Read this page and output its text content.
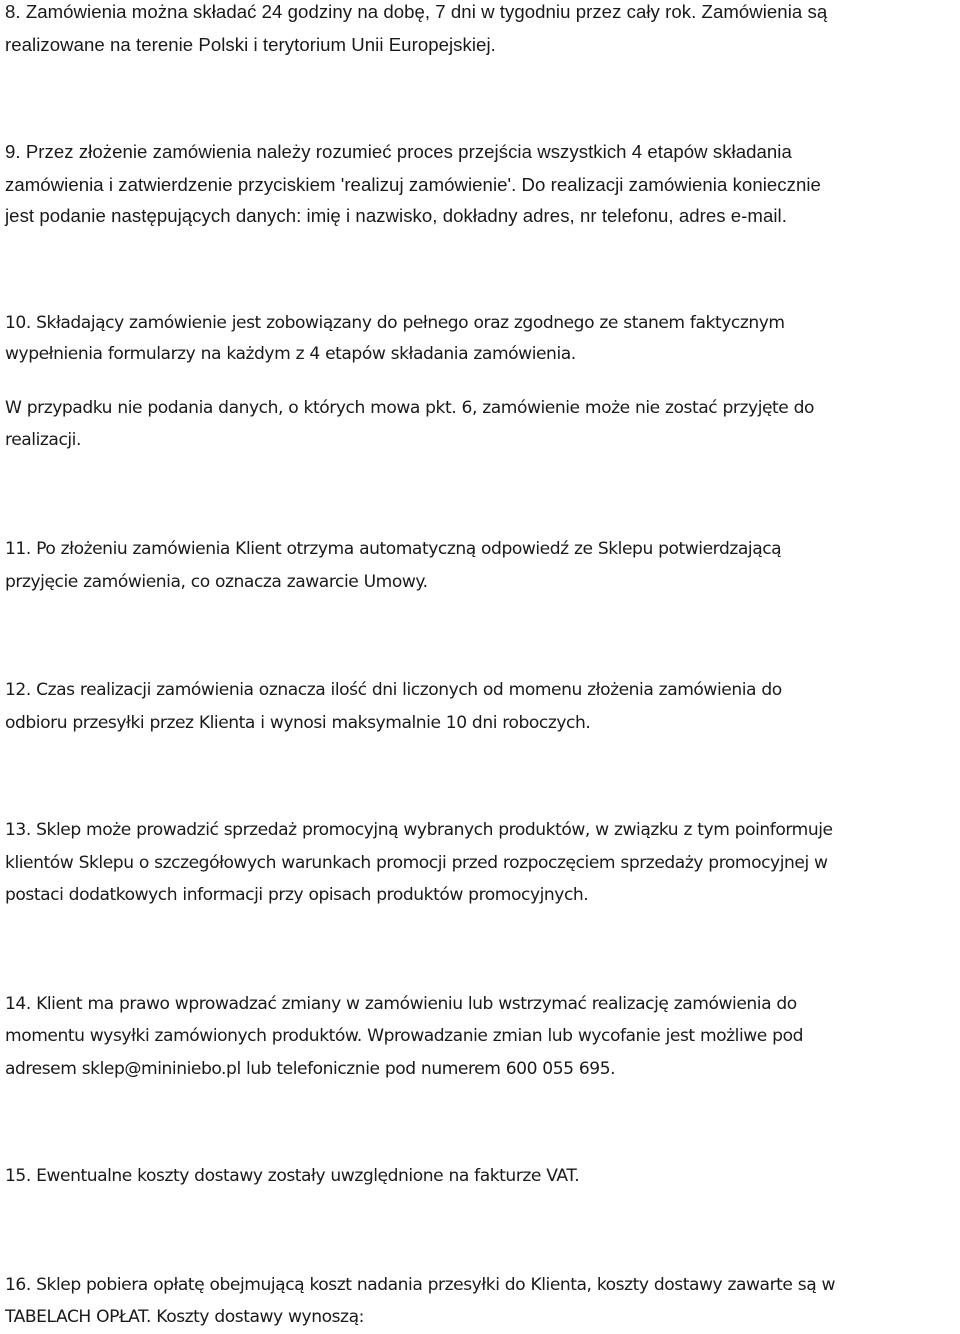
8. Zamówienia można składać 24 godziny na dobę, 7 dni w tygodniu przez cały rok. Zamówienia są
realizowane na terenie Polski i terytorium Unii Europejskiej.
9. Przez złożenie zamówienia należy rozumieć proces przejścia wszystkich 4 etapów składania
zamówienia i zatwierdzenie przyciskiem 'realizuj zamówienie'. Do realizacji zamówienia koniecznie
jest podanie następujących danych: imię i nazwisko, dokładny adres, nr telefonu, adres e-mail.
10. Składający zamówienie jest zobowiązany do pełnego oraz zgodnego ze stanem faktycznym
wypełnienia formularzy na każdym z 4 etapów składania zamówienia.
W przypadku nie podania danych, o których mowa pkt. 6, zamówienie może nie zostać przyjęte do
realizacji.
11. Po złożeniu zamówienia Klient otrzyma automatyczną odpowiedź ze Sklepu potwierdzającą
przyjęcie zamówienia, co oznacza zawarcie Umowy.
12. Czas realizacji zamówienia oznacza ilość dni liczonych od momenu złożenia zamówienia do
odbioru przesyłki przez Klienta i wynosi maksymalnie 10 dni roboczych.
13. Sklep może prowadzić sprzedaż promocyjną wybranych produktów, w związku z tym poinformuje
klientów Sklepu o szczegółowych warunkach promocji przed rozpoczęciem sprzedaży promocyjnej w
postaci dodatkowych informacji przy opisach produktów promocyjnych.
14. Klient ma prawo wprowadzać zmiany w zamówieniu lub wstrzymać realizację zamówienia do
momentu wysyłki zamówionych produktów. Wprowadzanie zmian lub wycofanie jest możliwe pod
adresem sklep@mininiebo.pl lub telefonicznie pod numerem 600 055 695.
15. Ewentualne koszty dostawy zostały uwzględnione na fakturze VAT.
16. Sklep pobiera opłatę obejmującą koszt nadania przesyłki do Klienta, koszty dostawy zawarte są w
TABELACH OPŁAT. Koszty dostawy wynoszą:
